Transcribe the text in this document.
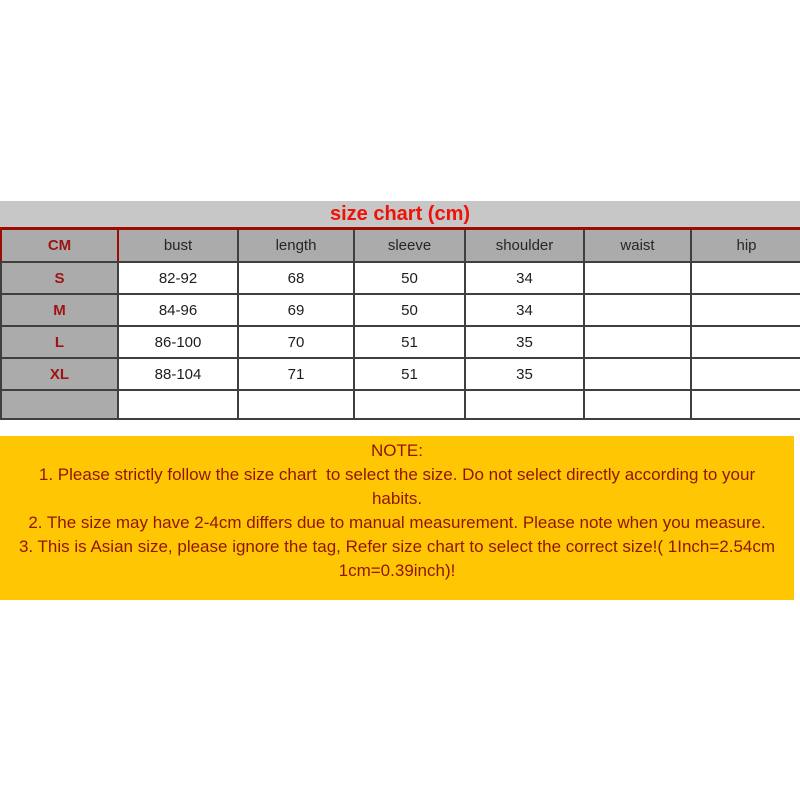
size chart (cm)
CM	bust	length	sleeve	shoulder	waist	hip
S	82-92	68	50	34		
M	84-96	69	50	34		
L	86-100	70	51	35		
XL	88-104	71	51	35		

NOTE:
1. Please strictly follow the size chart  to select the size. Do not select directly according to your
habits.
2. The size may have 2-4cm differs due to manual measurement. Please note when you measure.
3. This is Asian size, please ignore the tag, Refer size chart to select the correct size!( 1Inch=2.54cm
1cm=0.39inch)!
